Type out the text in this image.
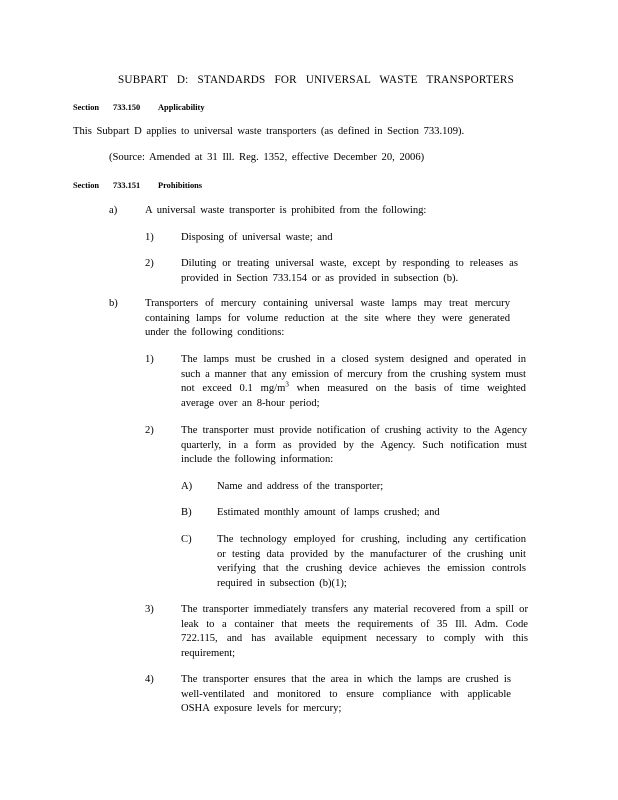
SUBPART D: STANDARDS FOR UNIVERSAL WASTE TRANSPORTERS
Section 733.150 Applicability
This Subpart D applies to universal waste transporters (as defined in Section 733.109).
(Source: Amended at 31 Ill. Reg. 1352, effective December 20, 2006)
Section 733.151 Prohibitions
a)	A universal waste transporter is prohibited from the following:
1)	Disposing of universal waste; and
2)	Diluting or treating universal waste, except by responding to releases as provided in Section 733.154 or as provided in subsection (b).
b)	Transporters of mercury containing universal waste lamps may treat mercury containing lamps for volume reduction at the site where they were generated under the following conditions:
1)	The lamps must be crushed in a closed system designed and operated in such a manner that any emission of mercury from the crushing system must not exceed 0.1 $mg/m^3$ when measured on the basis of time weighted average over an 8-hour period;
2)	The transporter must provide notification of crushing activity to the Agency quarterly, in a form as provided by the Agency. Such notification must include the following information:
A) Name and address of the transporter;
B) Estimated monthly amount of lamps crushed; and
C) The technology employed for crushing, including any certification or testing data provided by the manufacturer of the crushing unit verifying that the crushing device achieves the emission controls required in subsection (b)(1);
3)	The transporter immediately transfers any material recovered from a spill or leak to a container that meets the requirements of 35 Ill. Adm. Code 722.115, and has available equipment necessary to comply with this requirement;
4)	The transporter ensures that the area in which the lamps are crushed is well-ventilated and monitored to ensure compliance with applicable OSHA exposure levels for mercury;
